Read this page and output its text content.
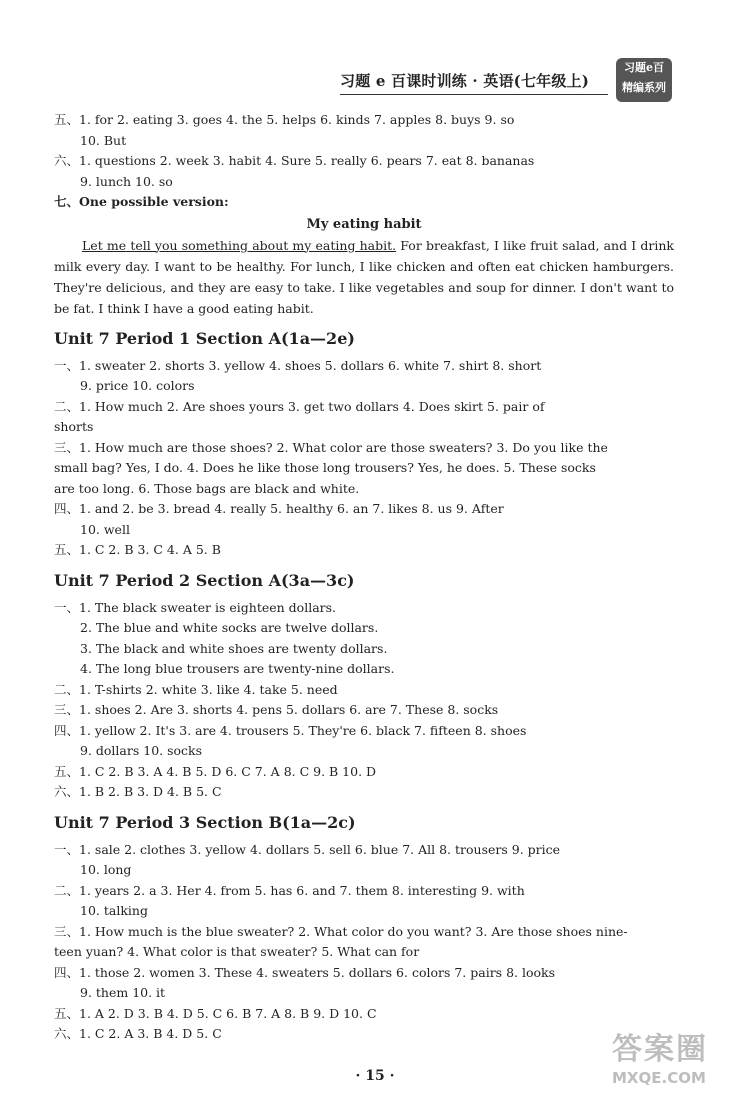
习题 e 百课时训练 · 英语(七年级上)
习题e百
精编系列
五、1. for 2. eating 3. goes 4. the 5. helps 6. kinds 7. apples 8. buys 9. so
10. But
六、1. questions 2. week 3. habit 4. Sure 5. really 6. pears 7. eat 8. bananas
9. lunch 10. so
七、One possible version:
My eating habit
Let me tell you something about my eating habit. For breakfast, I like fruit salad, and I drink milk every day. I want to be healthy. For lunch, I like chicken and often eat chicken hamburgers. They're delicious, and they are easy to take. I like vegetables and soup for dinner. I don't want to be fat. I think I have a good eating habit.
Unit 7 Period 1 Section A(1a—2e)
一、1. sweater 2. shorts 3. yellow 4. shoes 5. dollars 6. white 7. shirt 8. short
9. price 10. colors
二、1. How much 2. Are shoes yours 3. get two dollars 4. Does skirt 5. pair of
shorts
三、1. How much are those shoes? 2. What color are those sweaters? 3. Do you like the
small bag? Yes, I do. 4. Does he like those long trousers? Yes, he does. 5. These socks
are too long. 6. Those bags are black and white.
四、1. and 2. be 3. bread 4. really 5. healthy 6. an 7. likes 8. us 9. After
10. well
五、1. C 2. B 3. C 4. A 5. B
Unit 7 Period 2 Section A(3a—3c)
一、1. The black sweater is eighteen dollars.
2. The blue and white socks are twelve dollars.
3. The black and white shoes are twenty dollars.
4. The long blue trousers are twenty-nine dollars.
二、1. T-shirts 2. white 3. like 4. take 5. need
三、1. shoes 2. Are 3. shorts 4. pens 5. dollars 6. are 7. These 8. socks
四、1. yellow 2. It's 3. are 4. trousers 5. They're 6. black 7. fifteen 8. shoes
9. dollars 10. socks
五、1. C 2. B 3. A 4. B 5. D 6. C 7. A 8. C 9. B 10. D
六、1. B 2. B 3. D 4. B 5. C
Unit 7 Period 3 Section B(1a—2c)
一、1. sale 2. clothes 3. yellow 4. dollars 5. sell 6. blue 7. All 8. trousers 9. price
10. long
二、1. years 2. a 3. Her 4. from 5. has 6. and 7. them 8. interesting 9. with
10. talking
三、1. How much is the blue sweater? 2. What color do you want? 3. Are those shoes nine-
teen yuan? 4. What color is that sweater? 5. What can for
四、1. those 2. women 3. These 4. sweaters 5. dollars 6. colors 7. pairs 8. looks
9. them 10. it
五、1. A 2. D 3. B 4. D 5. C 6. B 7. A 8. B 9. D 10. C
六、1. C 2. A 3. B 4. D 5. C
· 15 ·
答案圈
MXQE.COM
